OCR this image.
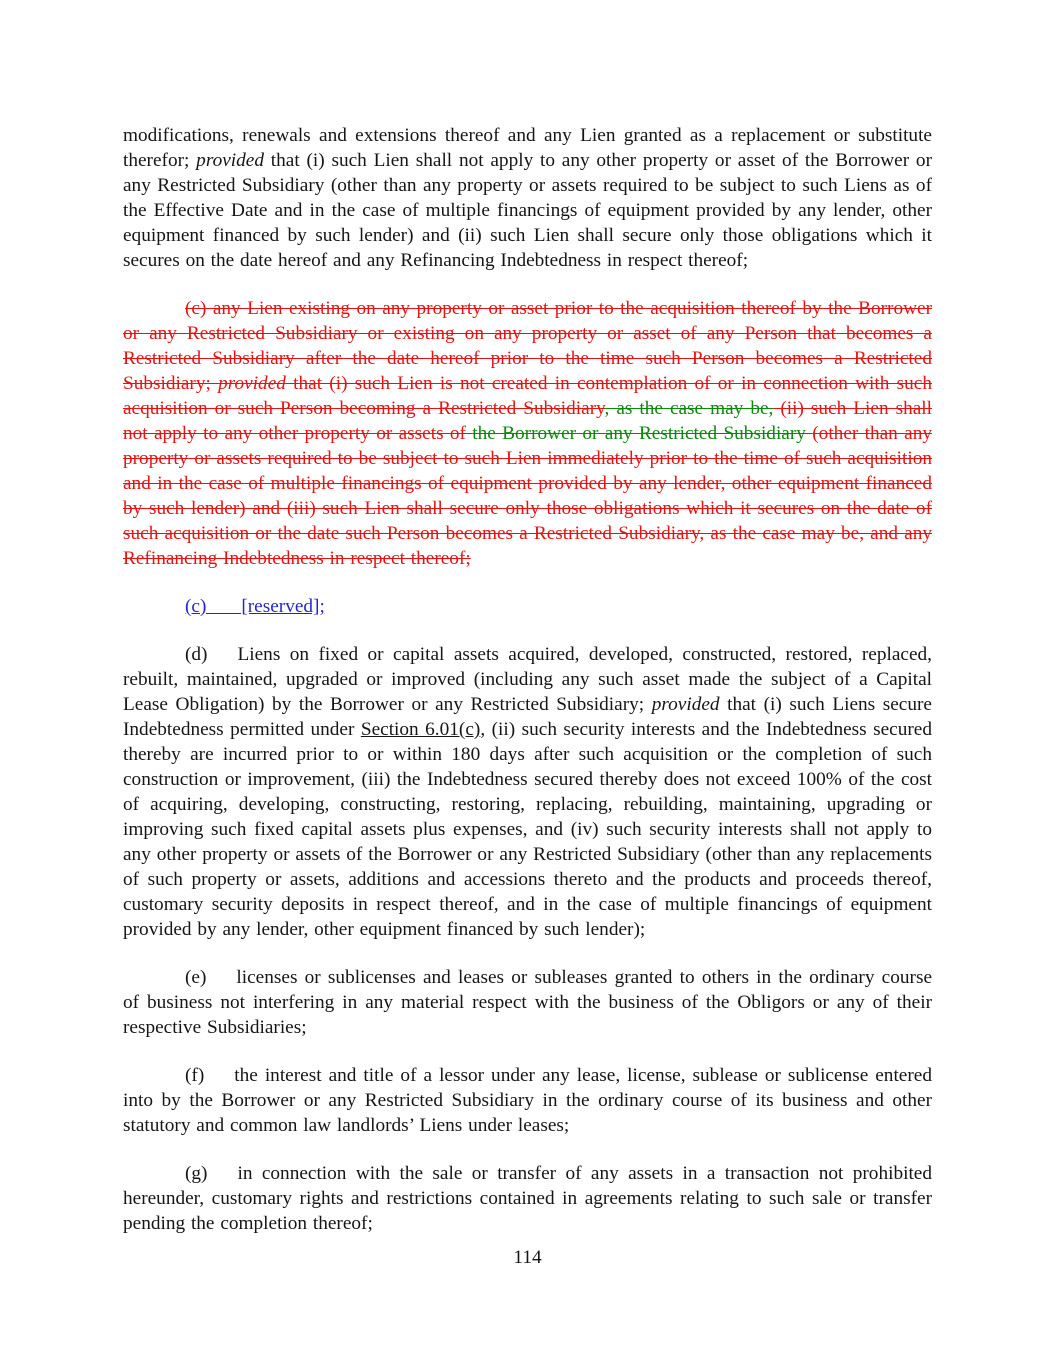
modifications, renewals and extensions thereof and any Lien granted as a replacement or substitute therefor; provided that (i) such Lien shall not apply to any other property or asset of the Borrower or any Restricted Subsidiary (other than any property or assets required to be subject to such Liens as of the Effective Date and in the case of multiple financings of equipment provided by any lender, other equipment financed by such lender) and (ii) such Lien shall secure only those obligations which it secures on the date hereof and any Refinancing Indebtedness in respect thereof;

(c) any Lien existing on any property or asset prior to the acquisition thereof by the Borrower or any Restricted Subsidiary or existing on any property or asset of any Person that becomes a Restricted Subsidiary after the date hereof prior to the time such Person becomes a Restricted Subsidiary; provided that (i) such Lien is not created in contemplation of or in connection with such acquisition or such Person becoming a Restricted Subsidiary, as the case may be, (ii) such Lien shall not apply to any other property or assets of the Borrower or any Restricted Subsidiary (other than any property or assets required to be subject to such Lien immediately prior to the time of such acquisition and in the case of multiple financings of equipment provided by any lender, other equipment financed by such lender) and (iii) such Lien shall secure only those obligations which it secures on the date of such acquisition or the date such Person becomes a Restricted Subsidiary, as the case may be, and any Refinancing Indebtedness in respect thereof;

(c)      [reserved];

(d) Liens on fixed or capital assets acquired, developed, constructed, restored, replaced, rebuilt, maintained, upgraded or improved (including any such asset made the subject of a Capital Lease Obligation) by the Borrower or any Restricted Subsidiary; provided that (i) such Liens secure Indebtedness permitted under Section 6.01(c), (ii) such security interests and the Indebtedness secured thereby are incurred prior to or within 180 days after such acquisition or the completion of such construction or improvement, (iii) the Indebtedness secured thereby does not exceed 100% of the cost of acquiring, developing, constructing, restoring, replacing, rebuilding, maintaining, upgrading or improving such fixed capital assets plus expenses, and (iv) such security interests shall not apply to any other property or assets of the Borrower or any Restricted Subsidiary (other than any replacements of such property or assets, additions and accessions thereto and the products and proceeds thereof, customary security deposits in respect thereof, and in the case of multiple financings of equipment provided by any lender, other equipment financed by such lender);

(e) licenses or sublicenses and leases or subleases granted to others in the ordinary course of business not interfering in any material respect with the business of the Obligors or any of their respective Subsidiaries;

(f) the interest and title of a lessor under any lease, license, sublease or sublicense entered into by the Borrower or any Restricted Subsidiary in the ordinary course of its business and other statutory and common law landlords’ Liens under leases;

(g) in connection with the sale or transfer of any assets in a transaction not prohibited hereunder, customary rights and restrictions contained in agreements relating to such sale or transfer pending the completion thereof;

114
